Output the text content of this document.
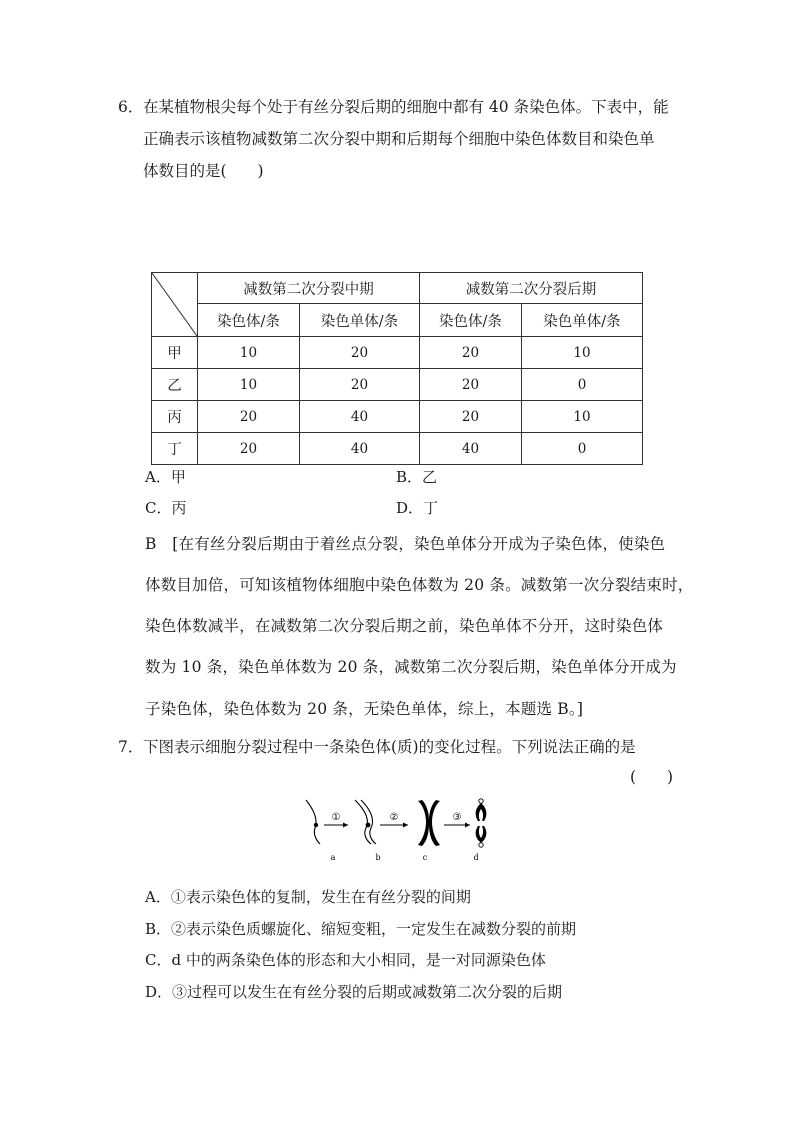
6． 在某植物根尖每个处于有丝分裂后期的细胞中都有 40 条染色体。下表中，能
正确表示该植物减数第二次分裂中期和后期每个细胞中染色体数目和染色单
体数目的是(　　)
	减数第二次分裂中期		减数第二次分裂后期	
	染色体/条	染色单体/条	染色体/条	染色单体/条
甲	10	20	20	10
乙	10	20	20	0
丙	20	40	20	10
丁	20	40	40	0
A．甲	B．乙
C．丙	D．丁
B　[在有丝分裂后期由于着丝点分裂，染色单体分开成为子染色体，使染色
体数目加倍，可知该植物体细胞中染色体数为 20 条。减数第一次分裂结束时，
染色体数减半，在减数第二次分裂后期之前，染色单体不分开，这时染色体
数为 10 条，染色单体数为 20 条，减数第二次分裂后期，染色单体分开成为
子染色体，染色体数为 20 条，无染色单体，综上，本题选 B。]
7． 下图表示细胞分裂过程中一条染色体(质)的变化过程。下列说法正确的是
(　　)
①	②	③
a	b	c	d
A．①表示染色体的复制，发生在有丝分裂的间期
B．②表示染色质螺旋化、缩短变粗，一定发生在减数分裂的前期
C．d 中的两条染色体的形态和大小相同，是一对同源染色体
D．③过程可以发生在有丝分裂的后期或减数第二次分裂的后期
